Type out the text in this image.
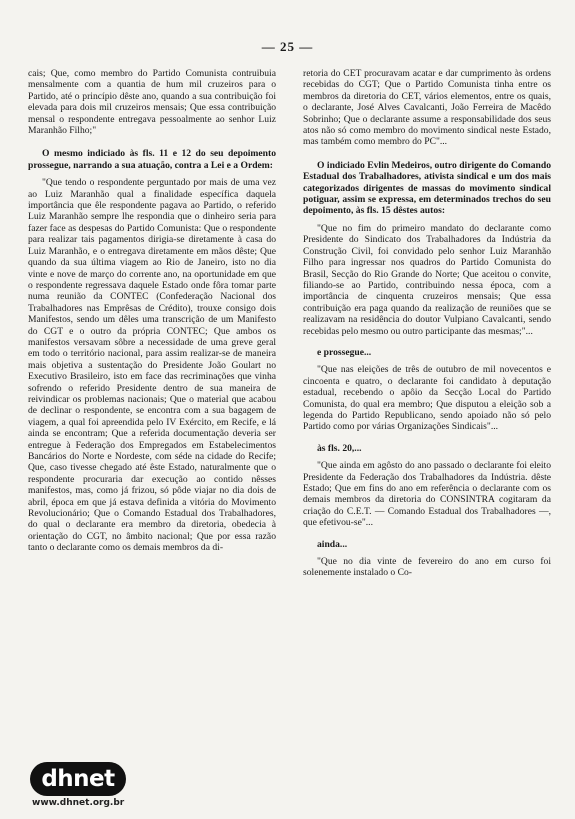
— 25 —

cais; Que, como membro do Partido Comunista contruibuia mensalmente com a quantia de hum mil cruzeiros para o Partido, até o princípio dêste ano, quando a sua contribuição foi elevada para dois mil cruzeiros mensais; Que essa contribuição mensal o respondente entregava pessoalmente ao senhor Luiz Maranhão Filho;"

O mesmo indiciado às fls. 11 e 12 do seu depoimento prossegue, narrando a sua atuação, contra a Lei e a Ordem:

"Que tendo o respondente perguntado por mais de uma vez ao Luiz Maranhão qual a finalidade específica daquela importância que êle respondente pagava ao Partido, o referido Luiz Maranhão sempre lhe respondia que o dinheiro seria para fazer face as despesas do Partido Comunista: Que o respondente para realizar tais pagamentos dirigia-se diretamente à casa do Luiz Maranhão, e o entregava diretamente em mãos dêste; Que quando da sua última viagem ao Rio de Janeiro, isto no dia vinte e nove de março do corrente ano, na oportunidade em que o respondente regressava daquele Estado onde fôra tomar parte numa reunião da CONTEC (Confederação Nacional dos Trabalhadores nas Emprêsas de Crédito), trouxe consigo dois Manifestos, sendo um dêles uma transcrição de um Manifesto do CGT e o outro da própria CONTEC; Que ambos os manifestos versavam sôbre a necessidade de uma greve geral em todo o território nacional, para assim realizar-se de maneira mais objetiva a sustentação do Presidente João Goulart no Executivo Brasileiro, isto em face das recriminações que vinha sofrendo o referido Presidente dentro de sua maneira de reivindicar os problemas nacionais; Que o material que acabou de declinar o respondente, se encontra com a sua bagagem de viagem, a qual foi apreendida pelo IV Exército, em Recife, e lá ainda se encontram; Que a referida documentação deveria ser entregue à Federação dos Empregados em Estabelecimentos Bancários do Norte e Nordeste, com séde na cidade do Recife; Que, caso tivesse chegado até êste Estado, naturalmente que o respondente procuraria dar execução ao contido nêsses manifestos, mas, como já frizou, só pôde viajar no dia dois de abril, época em que já estava definida a vitória do Movimento Revolucionário; Que o Comando Estadual dos Trabalhadores, do qual o declarante era membro da diretoria, obedecia à orientação do CGT, no âmbito nacional; Que por essa razão tanto o declarante como os demais membros da di-

retoria do CET procuravam acatar e dar cumprimento às ordens recebidas do CGT; Que o Partido Comunista tinha entre os membros da diretoria do CET, vários elementos, entre os quais, o declarante, José Alves Cavalcanti, João Ferreira de Macêdo Sobrinho; Que o declarante assume a responsabilidade dos seus atos não só como membro do movimento sindical neste Estado, mas também como membro do PC"...

O indiciado Evlin Medeiros, outro dirigente do Comando Estadual dos Trabalhadores, ativista sindical e um dos mais categorizados dirigentes de massas do movimento sindical potiguar, assim se expressa, em determinados trechos do seu depoimento, às fls. 15 dêstes autos:

"Que no fim do primeiro mandato do declarante como Presidente do Sindicato dos Trabalhadores da Indústria da Construção Civil, foi convidado pelo senhor Luiz Maranhão Filho para ingressar nos quadros do Partido Comunista do Brasil, Secção do Rio Grande do Norte; Que aceitou o convite, filiando-se ao Partido, contribuindo nessa época, com a importância de cinquenta cruzeiros mensais; Que essa contribuição era paga quando da realização de reuniões que se realizavam na residência do doutor Vulpiano Cavalcanti, sendo recebidas pelo mesmo ou outro participante das mesmas;"...

e prossegue...

"Que nas eleições de três de outubro de mil novecentos e cincoenta e quatro, o declarante foi candidato à deputação estadual, recebendo o apôio da Secção Local do Partido Comunista, do qual era membro; Que disputou a eleição sob a legenda do Partido Republicano, sendo apoiado não só pelo Partido como por várias Organizações Sindicais"...

às fls. 20,...

"Que ainda em agôsto do ano passado o declarante foi eleito Presidente da Federação dos Trabalhadores da Indústria. dêste Estado; Que em fins do ano em referência o declarante com os demais membros da diretoria do CONSINTRA cogitaram da criação do C.E.T. — Comando Estadual dos Trabalhadores —, que efetivou-se"...

ainda...

"Que no dia vinte de fevereiro do ano em curso foi solenemente instalado o Co-

dhnet
www.dhnet.org.br
